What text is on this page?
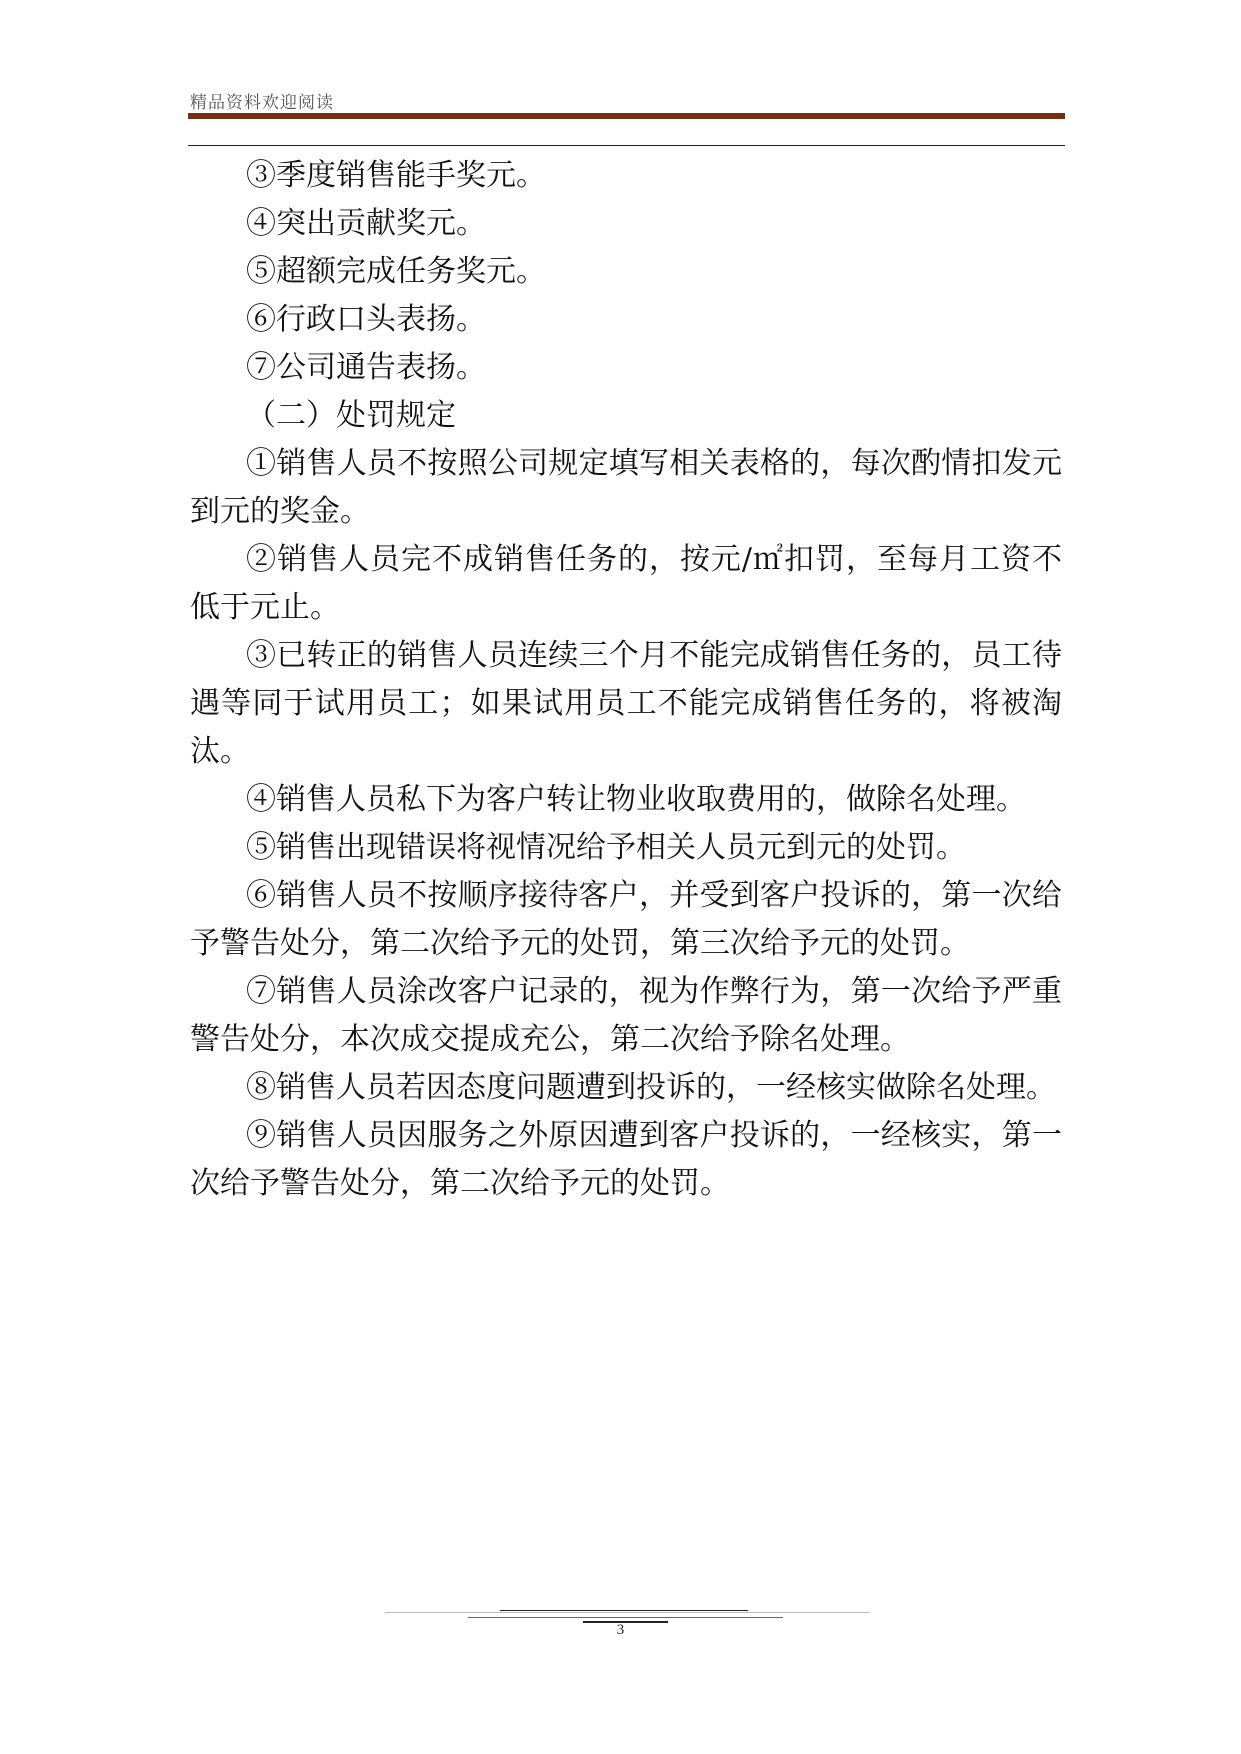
精品资料欢迎阅读

③季度销售能手奖元。

④突出贡献奖元。

⑤超额完成任务奖元。

⑥行政口头表扬。

⑦公司通告表扬。

（二）处罚规定

①销售人员不按照公司规定填写相关表格的，每次酌情扣发元到元的奖金。

②销售人员完不成销售任务的，按元/㎡扣罚，至每月工资不低于元止。

③已转正的销售人员连续三个月不能完成销售任务的，员工待遇等同于试用员工；如果试用员工不能完成销售任务的，将被淘汰。

④销售人员私下为客户转让物业收取费用的，做除名处理。

⑤销售出现错误将视情况给予相关人员元到元的处罚。

⑥销售人员不按顺序接待客户，并受到客户投诉的，第一次给予警告处分，第二次给予元的处罚，第三次给予元的处罚。

⑦销售人员涂改客户记录的，视为作弊行为，第一次给予严重警告处分，本次成交提成充公，第二次给予除名处理。

⑧销售人员若因态度问题遭到投诉的，一经核实做除名处理。

⑨销售人员因服务之外原因遭到客户投诉的，一经核实，第一次给予警告处分，第二次给予元的处罚。

3
